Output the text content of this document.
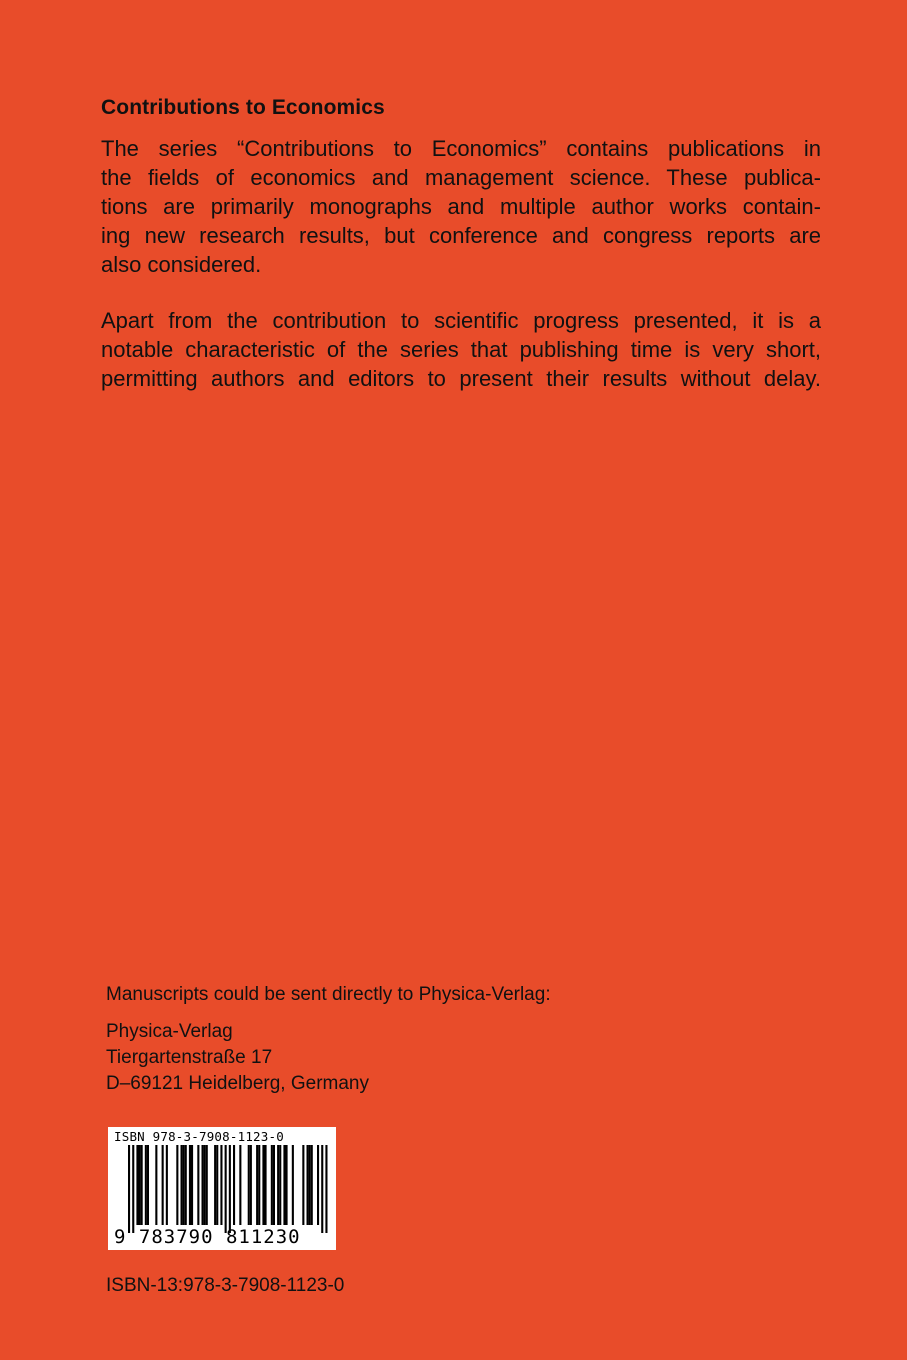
Contributions to Economics

The series “Contributions to Economics” contains publications in
the fields of economics and management science. These publica-
tions are primarily monographs and multiple author works contain-
ing new research results, but conference and congress reports are
also considered.

Apart from the contribution to scientific progress presented, it is a
notable characteristic of the series that publishing time is very short,
permitting authors and editors to present their results without delay.

Manuscripts could be sent directly to Physica-Verlag:

Physica-Verlag
Tiergartenstraße 17
D–69121 Heidelberg, Germany

ISBN 978-3-7908-1123-0
9 783790 811230

ISBN-13:978-3-7908-1123-0
